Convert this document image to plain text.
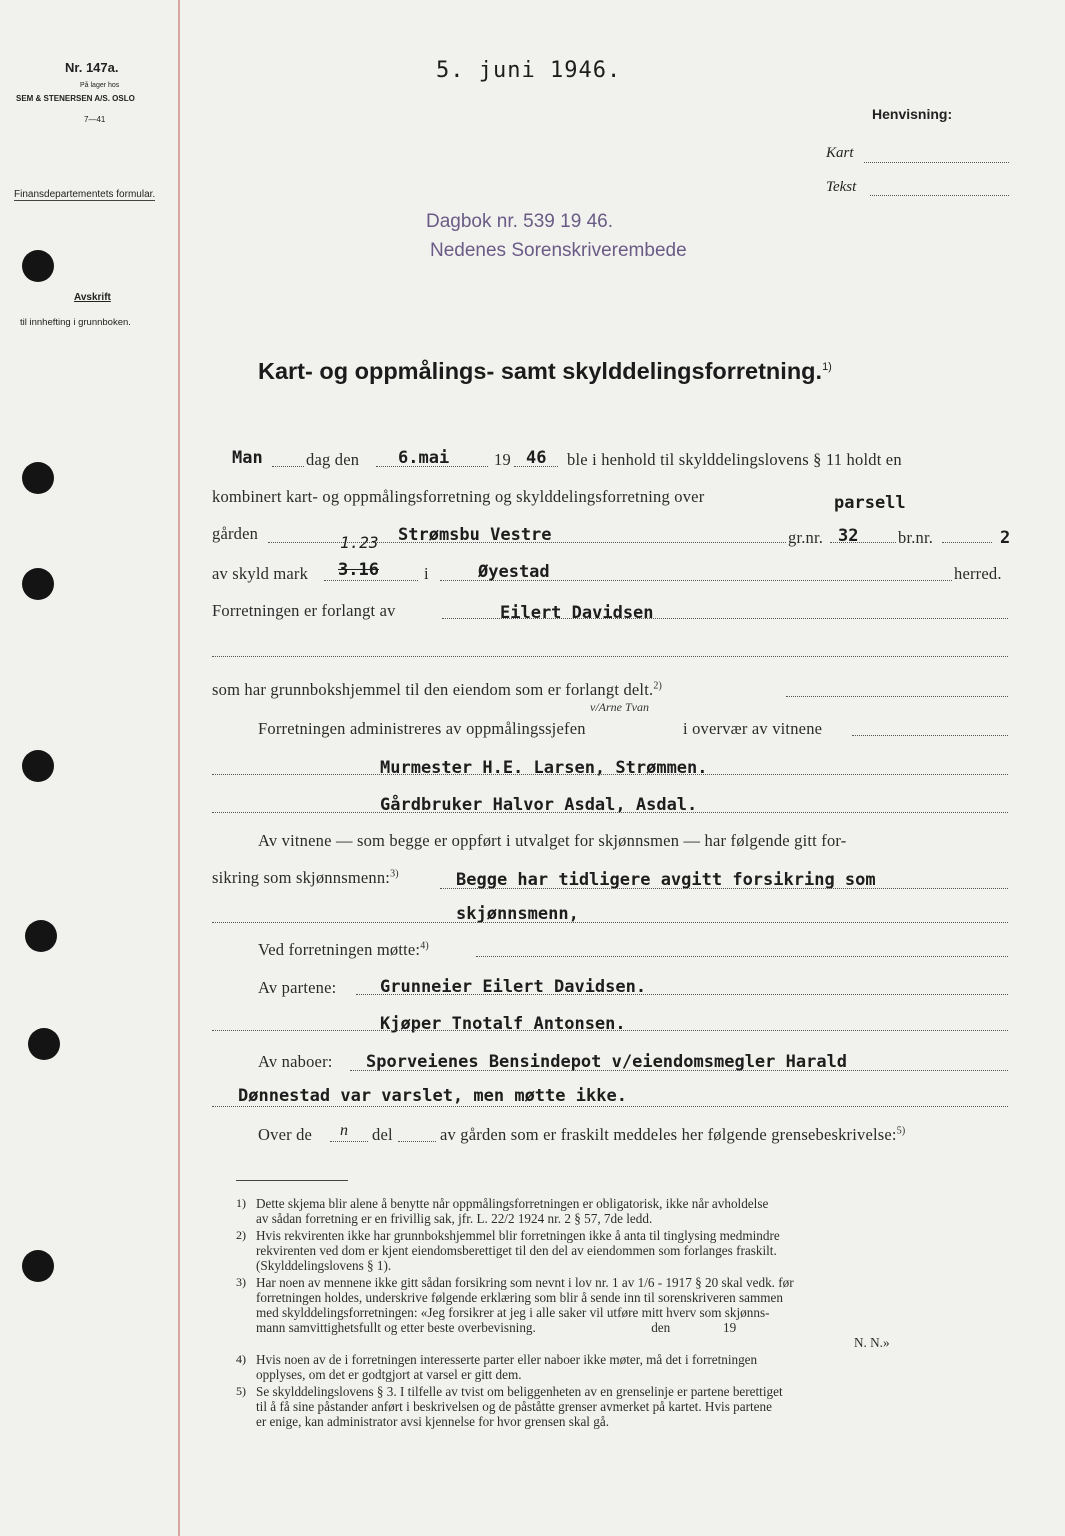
Nr. 147a.
På lager hos
SEM & STENERSEN A/S. OSLO
7—41
Finansdepartementets formular.
Avskrift
til innhefting i grunnboken.
5. juni 1946.
Henvisning:
Kart
Tekst
Dagbok nr. 539 19 46.
Nedenes Sorenskriverembede
Kart- og oppmålings- samt skylddelingsforretning.$^{1)}$
Man	dag den 6.mai	19 46 ble i henhold til skylddelingslovens § 11 holdt en
kombinert kart- og oppmålingsforretning og skylddelingsforretning over	parsell
gården	1.23 Strømsbu Vestre	gr.nr. 32 br.nr.	2
av skyld mark 3.16	i	Øyestad	herred.
Forretningen er forlangt av	Eilert Davidsen
som har grunnbokshjemmel til den eiendom som er forlangt delt.$^{2)}$
v/Arne Tvan
Forretningen administreres av oppmålingssjefen	i overvær av vitnene
Murmester H.E. Larsen, Strømmen.
Gårdbruker Halvor Asdal, Asdal.
Av vitnene — som begge er oppført i utvalget for skjønnsmen — har følgende gitt for-
sikring som skjønnsmenn:$^{3)}$	Begge har tidligere avgitt forsikring som
skjønnsmenn,
Ved forretningen møtte:$^{4)}$
Av partene:	Grunneier Eilert Davidsen.
Kjøper Tnotalf Antonsen.
Av naboer: Sporveienes Bensindepot v/eiendomsmegler Harald
Dønnestad var varslet, men møtte ikke.
Over de n del	av gården som er fraskilt meddeles her følgende grensebeskrivelse:$^{5)}$
1) Dette skjema blir alene å benytte når oppmålingsforretningen er obligatorisk, ikke når avholdelse
av sådan forretning er en frivillig sak, jfr. L. 22/2 1924 nr. 2 § 57, 7de ledd.
2) Hvis rekvirenten ikke har grunnbokshjemmel blir forretningen ikke å anta til tinglysing medmindre
rekvirenten ved dom er kjent eiendomsberettiget til den del av eiendommen som forlanges fraskilt.
(Skylddelingslovens § 1).
3) Har noen av mennene ikke gitt sådan forsikring som nevnt i lov nr. 1 av 1/6 - 1917 § 20 skal vedk. før
forretningen holdes, underskrive følgende erklæring som blir å sende inn til sorenskriveren sammen
med skylddelingsforretningen: «Jeg forsikrer at jeg i alle saker vil utføre mitt hverv som skjønns-
mann samvittighetsfullt og etter beste overbevisning.                                   den                19
N. N.»
4) Hvis noen av de i forretningen interesserte parter eller naboer ikke møter, må det i forretningen
opplyses, om det er godtgjort at varsel er gitt dem.
5) Se skylddelingslovens § 3. I tilfelle av tvist om beliggenheten av en grenselinje er partene berettiget
til å få sine påstander anført i beskrivelsen og de påståtte grenser avmerket på kartet. Hvis partene
er enige, kan administrator avsi kjennelse for hvor grensen skal gå.
